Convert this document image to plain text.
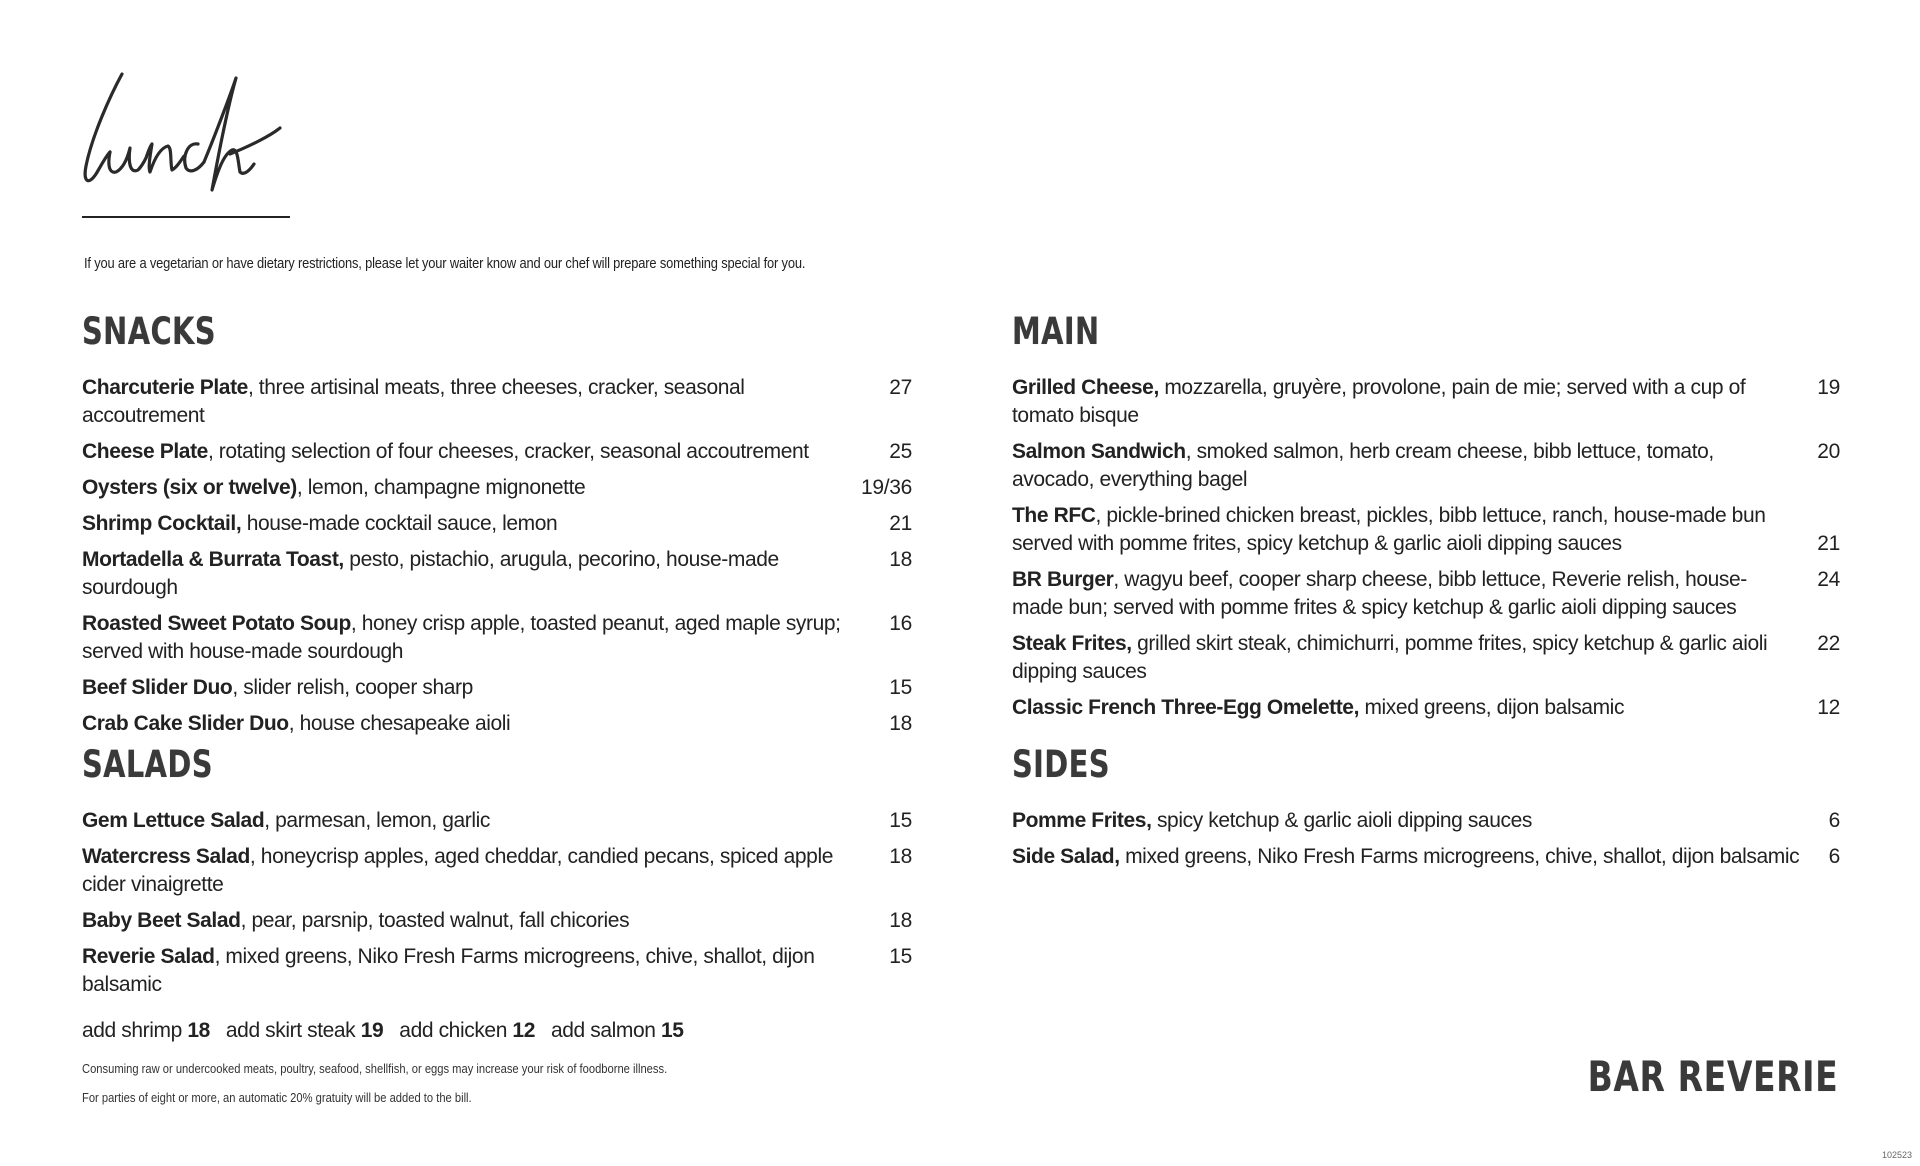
If you are a vegetarian or have dietary restrictions, please let your waiter know and our chef will prepare something special for you.
SNACKS
Charcuterie Plate, three artisinal meats, three cheeses, cracker, seasonal accoutrement
27
Cheese Plate, rotating selection of four cheeses, cracker, seasonal accoutrement	25
Oysters (six or twelve), lemon, champagne mignonette	19/36
Shrimp Cocktail, house-made cocktail sauce, lemon	21
Mortadella & Burrata Toast, pesto, pistachio, arugula, pecorino, house-made sourdough
18
Roasted Sweet Potato Soup, honey crisp apple, toasted peanut, aged maple syrup; served with house-made sourdough
16
Beef Slider Duo, slider relish, cooper sharp	15
Crab Cake Slider Duo, house chesapeake aioli	18
SALADS
Gem Lettuce Salad, parmesan, lemon, garlic	15
Watercress Salad, honeycrisp apples, aged cheddar, candied pecans, spiced apple cider vinaigrette
18
Baby Beet Salad, pear, parsnip, toasted walnut, fall chicories	18
Reverie Salad, mixed greens, Niko Fresh Farms microgreens, chive, shallot, dijon balsamic
15
add shrimp 18 add skirt steak 19 add chicken 12 add salmon 15
MAIN
Grilled Cheese, mozzarella, gruyère, provolone, pain de mie; served with a cup of tomato bisque
19
Salmon Sandwich, smoked salmon, herb cream cheese, bibb lettuce, tomato, avocado, everything bagel
20
The RFC, pickle-brined chicken breast, pickles, bibb lettuce, ranch, house-made bun served with pomme frites, spicy ketchup & garlic aioli dipping sauces	21
BR Burger, wagyu beef, cooper sharp cheese, bibb lettuce, Reverie relish, house-made bun; served with pomme frites & spicy ketchup & garlic aioli dipping sauces
24
Steak Frites, grilled skirt steak, chimichurri, pomme frites, spicy ketchup & garlic aioli dipping sauces
22
Classic French Three-Egg Omelette, mixed greens, dijon balsamic	12
SIDES
Pomme Frites, spicy ketchup & garlic aioli dipping sauces	6
Side Salad, mixed greens, Niko Fresh Farms microgreens, chive, shallot, dijon balsamic	6
Consuming raw or undercooked meats, poultry, seafood, shellfish, or eggs may increase your risk of foodborne illness.
For parties of eight or more, an automatic 20% gratuity will be added to the bill.	BAR REVERIE
102523
